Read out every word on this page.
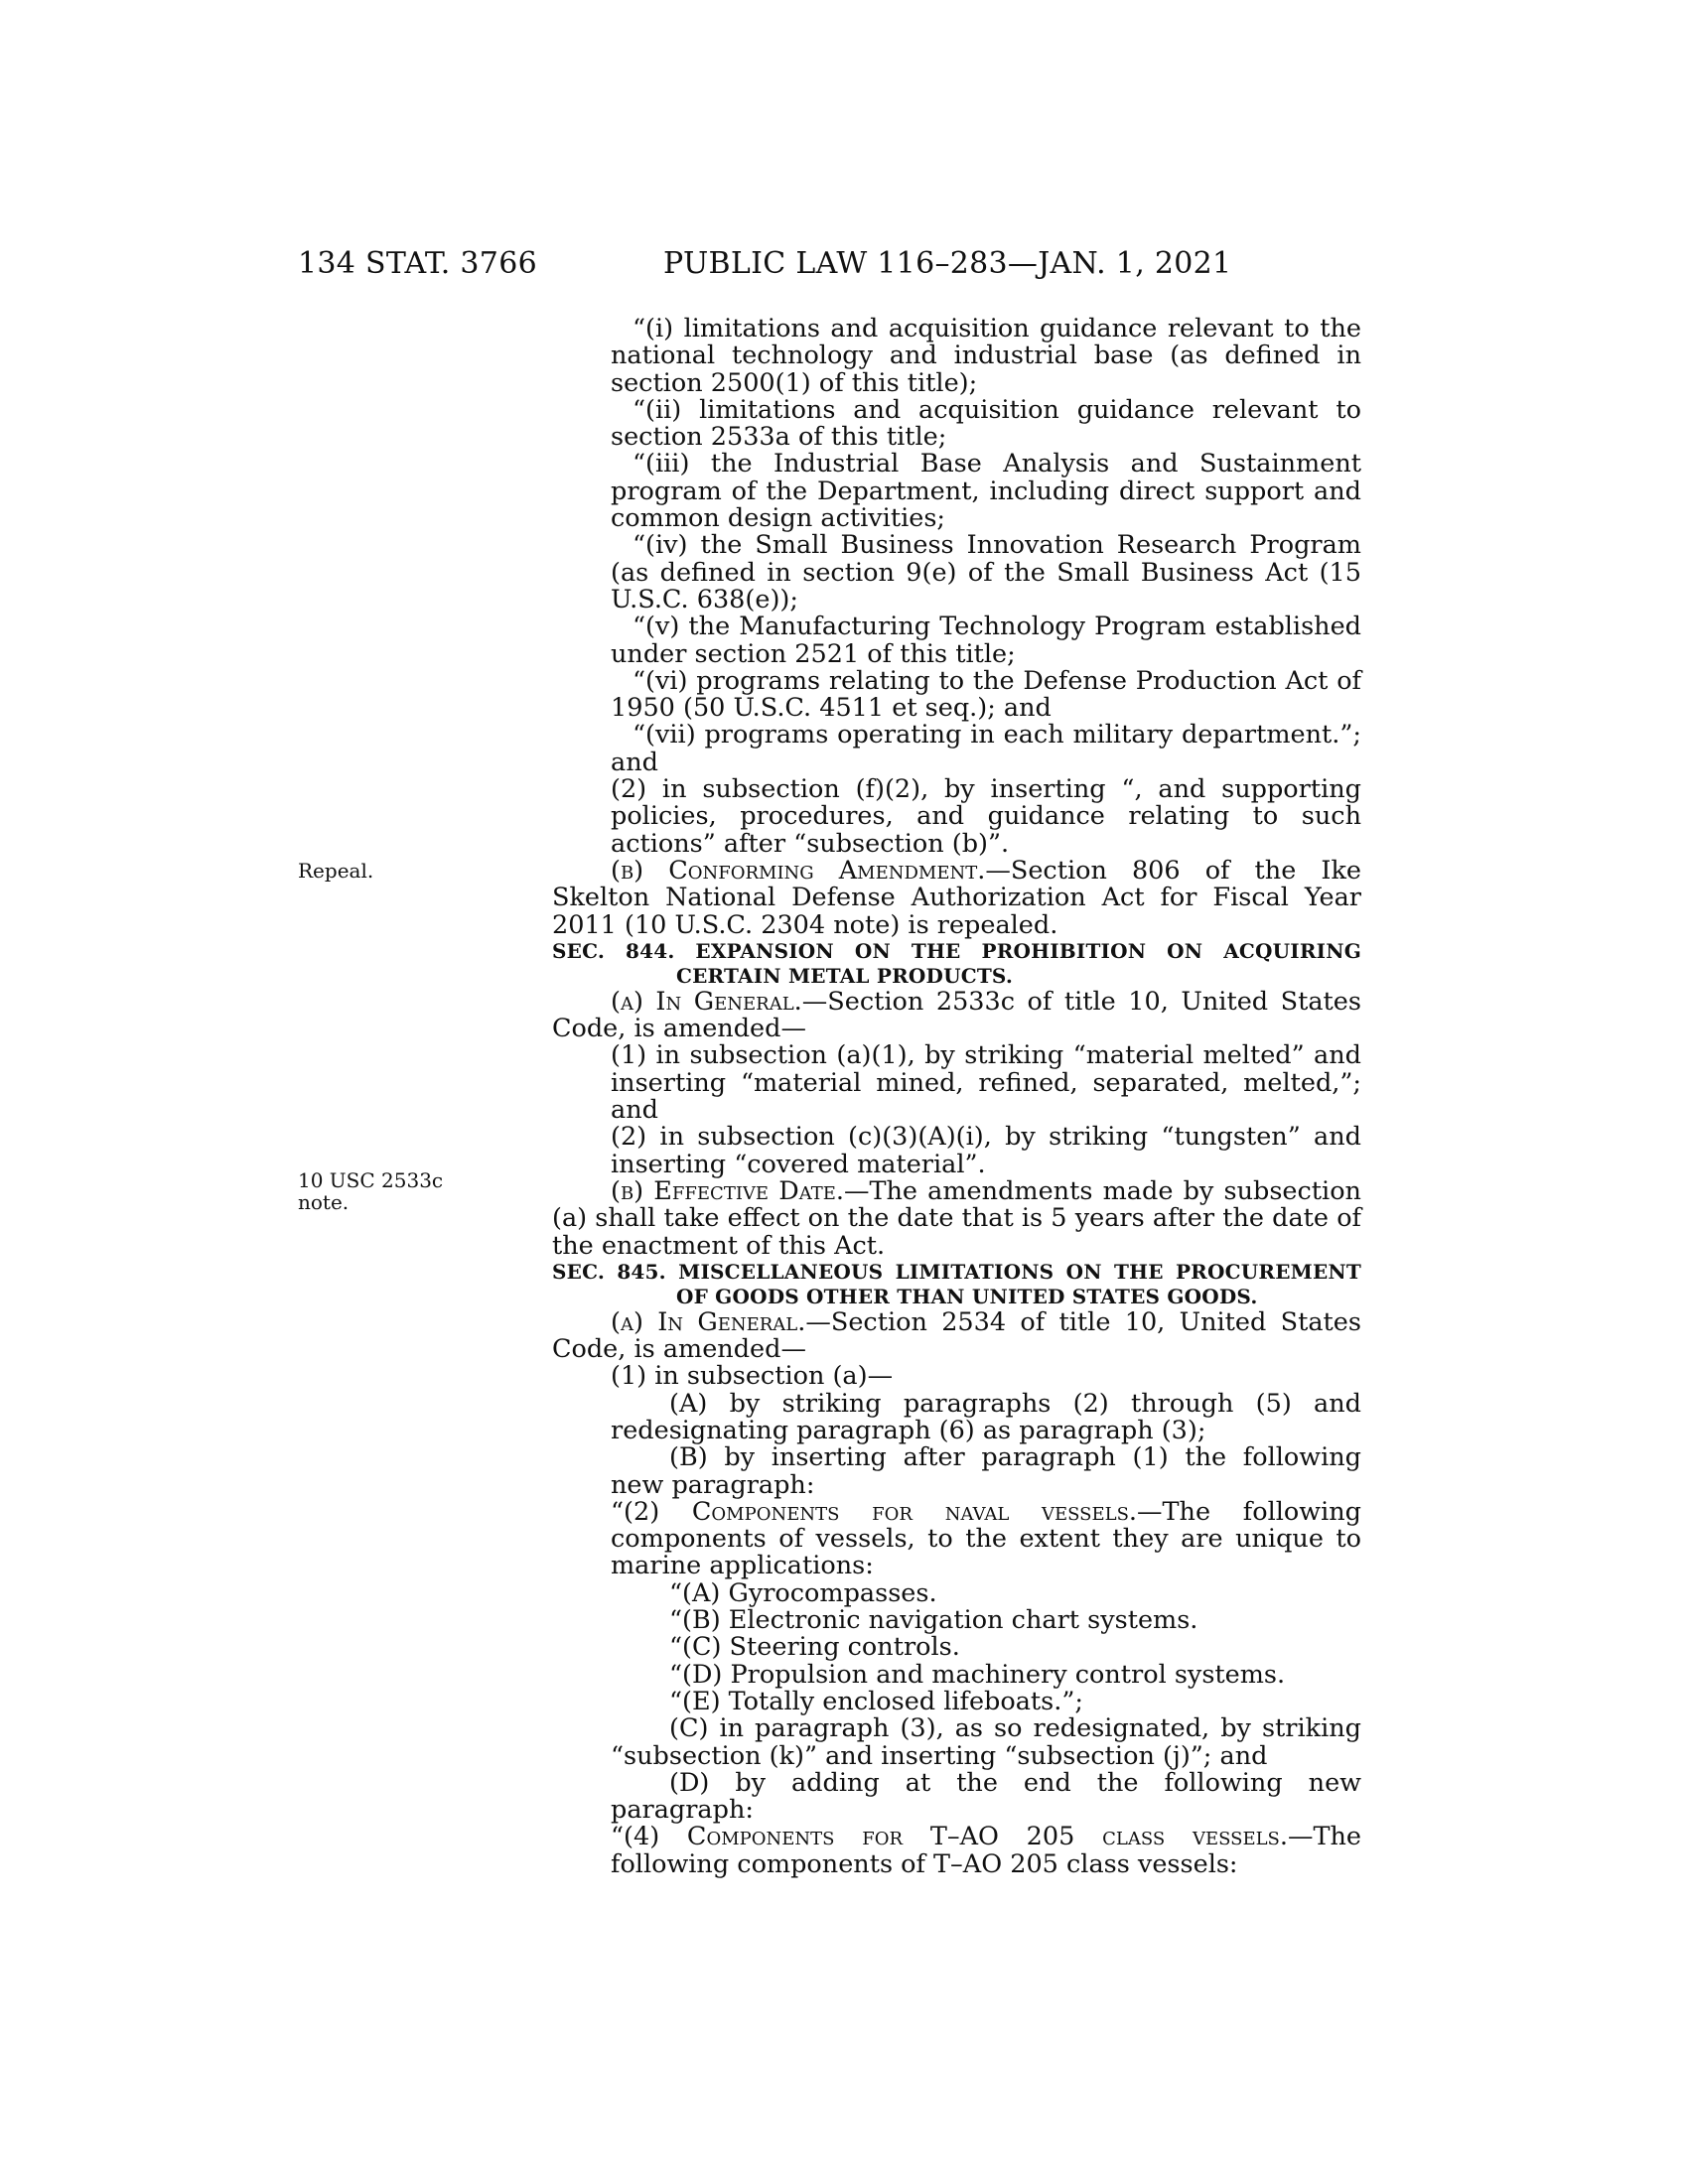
134 STAT. 3766	PUBLIC LAW 116–283—JAN. 1, 2021
Repeal.
10 USC 2533c
note.

“(i) limitations and acquisition guidance relevant to the national technology and industrial base (as defined in section 2500(1) of this title);

“(ii) limitations and acquisition guidance relevant to section 2533a of this title;

“(iii) the Industrial Base Analysis and Sustainment program of the Department, including direct support and common design activities;

“(iv) the Small Business Innovation Research Program (as defined in section 9(e) of the Small Business Act (15 U.S.C. 638(e));

“(v) the Manufacturing Technology Program established under section 2521 of this title;

“(vi) programs relating to the Defense Production Act of 1950 (50 U.S.C. 4511 et seq.); and

“(vii) programs operating in each military department.”; and

(2) in subsection (f)(2), by inserting “, and supporting policies, procedures, and guidance relating to such actions” after “subsection (b)”.

(b) Conforming Amendment.—Section 806 of the Ike Skelton National Defense Authorization Act for Fiscal Year 2011 (10 U.S.C. 2304 note) is repealed.

SEC. 844. EXPANSION ON THE PROHIBITION ON ACQUIRING CERTAIN METAL PRODUCTS.

(a) In General.—Section 2533c of title 10, United States Code, is amended—

(1) in subsection (a)(1), by striking “material melted” and inserting “material mined, refined, separated, melted,”; and

(2) in subsection (c)(3)(A)(i), by striking “tungsten” and inserting “covered material”.

(b) Effective Date.—The amendments made by subsection (a) shall take effect on the date that is 5 years after the date of the enactment of this Act.

SEC. 845. MISCELLANEOUS LIMITATIONS ON THE PROCUREMENT OF GOODS OTHER THAN UNITED STATES GOODS.

(a) In General.—Section 2534 of title 10, United States Code, is amended—

(1) in subsection (a)—

(A) by striking paragraphs (2) through (5) and redesignating paragraph (6) as paragraph (3);

(B) by inserting after paragraph (1) the following new paragraph:

“(2) Components for naval vessels.—The following components of vessels, to the extent they are unique to marine applications:

“(A) Gyrocompasses.

“(B) Electronic navigation chart systems.

“(C) Steering controls.

“(D) Propulsion and machinery control systems.

“(E) Totally enclosed lifeboats.”;

(C) in paragraph (3), as so redesignated, by striking “subsection (k)” and inserting “subsection (j)”; and

(D) by adding at the end the following new paragraph:

“(4) Components for T–AO 205 class vessels.—The following components of T–AO 205 class vessels:
